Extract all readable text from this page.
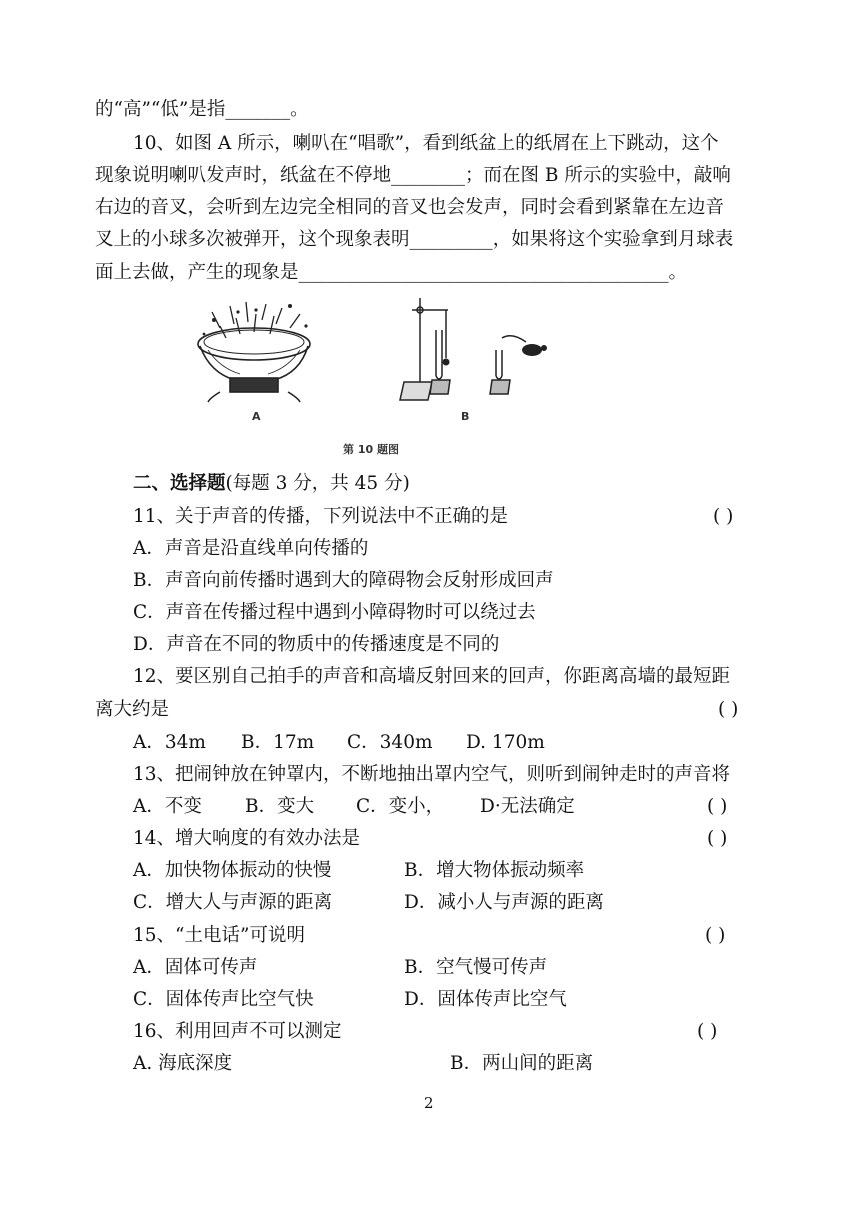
的“高”“低”是指_______。
10、如图 A 所示，喇叭在“唱歌”，看到纸盆上的纸屑在上下跳动，这个
现象说明喇叭发声时，纸盆在不停地________；而在图 B 所示的实验中，敲响
右边的音叉，会听到左边完全相同的音叉也会发声，同时会看到紧靠在左边音
叉上的小球多次被弹开，这个现象表明_________，如果将这个实验拿到月球表
面上去做，产生的现象是________________________________________。
A	B
第 10 题图
二、选择题(每题 3 分，共 45 分)
11、关于声音的传播，下列说法中不正确的是	( )
A．声音是沿直线单向传播的
B．声音向前传播时遇到大的障碍物会反射形成回声
C．声音在传播过程中遇到小障碍物时可以绕过去
D．声音在不同的物质中的传播速度是不同的
12、要区别自己拍手的声音和高墙反射回来的回声，你距离高墙的最短距
离大约是	( )
A．34m B．17m C．340m D. 170m
13、把闹钟放在钟罩内，不断地抽出罩内空气，则听到闹钟走时的声音将
A．不变 B．变大 C．变小， D·无法确定	( )
14、增大响度的有效办法是	( )
A．加快物体振动的快慢	B．增大物体振动频率
C．增大人与声源的距离	D．减小人与声源的距离
15、“土电话”可说明	( )
A．固体可传声	B．空气慢可传声
C．固体传声比空气快	D．固体传声比空气
16、利用回声不可以测定	( )
A. 海底深度	B．两山间的距离
2
